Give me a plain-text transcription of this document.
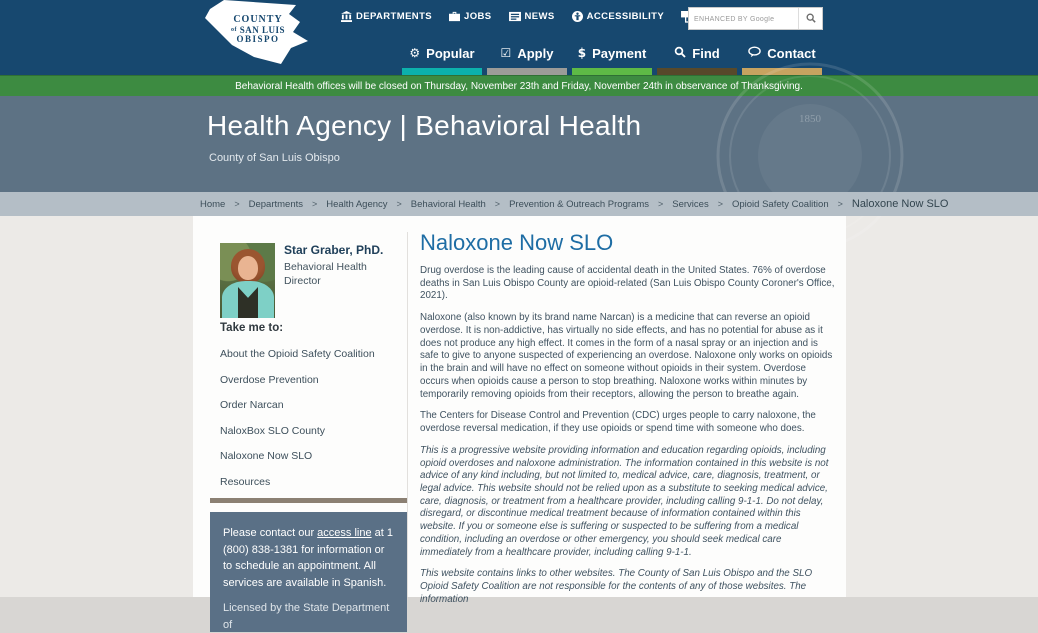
DEPARTMENTS	JOBS	NEWS	ACCESSIBILITY
ENHANCED BY Google
⚙ Popular ☑ Apply $ Payment	Find	Contact
COUNTY
$^{of}$ SAN LUIS
OBISPO
Behavioral Health offices will be closed on Thursday, November 23th and Friday, November 24th in observance of Thanksgiving.
1850
Health Agency | Behavioral Health
County of San Luis Obispo
Home > Departments > Health Agency > Behavioral Health > Prevention & Outreach Programs > Services > Opioid Safety Coalition > Naloxone Now SLO
Star Graber, PhD.
Behavioral Health Director
Take me to:
About the Opioid Safety Coalition
Overdose Prevention
Order Narcan
NaloxBox SLO County
Naloxone Now SLO
Resources
Please contact our access line at 1 (800) 838-1381 for information or to schedule an appointment. All services are available in Spanish.
Licensed by the State Department of
Naloxone Now SLO

Drug overdose is the leading cause of accidental death in the United States. 76% of overdose deaths in San Luis Obispo County are opioid-related (San Luis Obispo County Coroner's Office, 2021).

Naloxone (also known by its brand name Narcan) is a medicine that can reverse an opioid overdose. It is non-addictive, has virtually no side effects, and has no potential for abuse as it does not produce any high effect. It comes in the form of a nasal spray or an injection and is safe to give to anyone suspected of experiencing an overdose. Naloxone only works on opioids in the brain and will have no effect on someone without opioids in their system. Overdose occurs when opioids cause a person to stop breathing. Naloxone works within minutes by temporarily removing opioids from their receptors, allowing the person to breathe again.

The Centers for Disease Control and Prevention (CDC) urges people to carry naloxone, the overdose reversal medication, if they use opioids or spend time with someone who does.

This is a progressive website providing information and education regarding opioids, including opioid overdoses and naloxone administration. The information contained in this website is not advice of any kind including, but not limited to, medical advice, care, diagnosis, treatment, or legal advice. This website should not be relied upon as a substitute to seeking medical advice, care, diagnosis, or treatment from a healthcare provider, including calling 9-1-1. Do not delay, disregard, or discontinue medical treatment because of information contained within this website. If you or someone else is suffering or suspected to be suffering from a medical condition, including an overdose or other emergency, you should seek medical care immediately from a healthcare provider, including calling 9-1-1.

This website contains links to other websites. The County of San Luis Obispo and the SLO Opioid Safety Coalition are not responsible for the contents of any of those websites. The information
